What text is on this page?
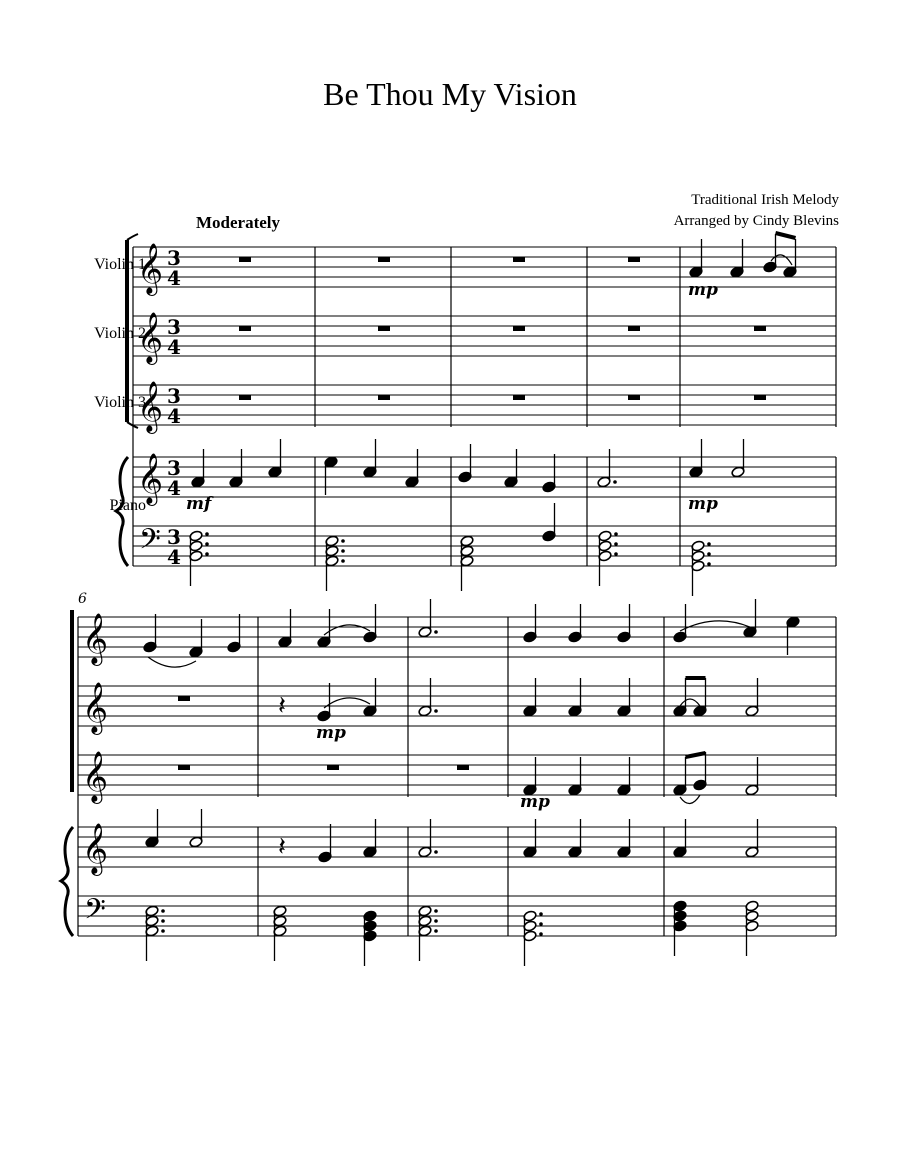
Be Thou My Vision
Traditional Irish Melody
Arranged by Cindy Blevins
Moderately
Violin 1
Violin 2
Violin 3
Piano
𝄞 3
4
𝄞 3
4
𝄞 3
4
𝄞 3
4
𝄢 3
4
mp
mf	mp
6
𝄞
𝄞
𝄞
𝄞
𝄢
𝄽
mp
mp
𝄽
